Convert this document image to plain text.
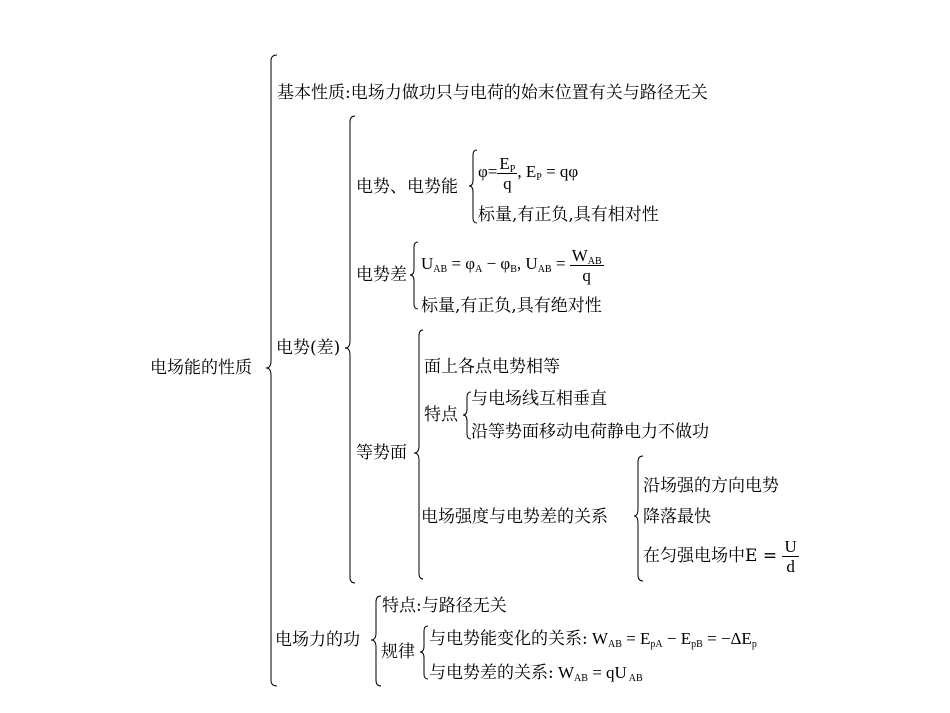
电场能的性质
基本性质:电场力做功只与电荷的始末位置有关与路径无关
电势(差)
电势、电势能
$\varphi= \frac{E_P}{q}$ , $E_P = q\varphi$
标量,有正负,具有相对性
电势差
$U_{AB} = \varphi_A - \varphi_B$, $U_{AB} = \frac{W_{AB}}{q}$
标量,有正负,具有绝对性
等势面
面上各点电势相等
特点
与电场线互相垂直
沿等势面移动电荷静电力不做功
电场强度与电势差的关系
沿场强的方向电势
降落最快
在匀强电场中$E = \frac{U}{d}$
电场力的功
特点:与路径无关
规律
与电势能变化的关系: $W_{AB} = E_{pA} - E_{pB} = -\Delta E_p$
与电势差的关系: $W_{AB}$ = qU $_{AB}$
